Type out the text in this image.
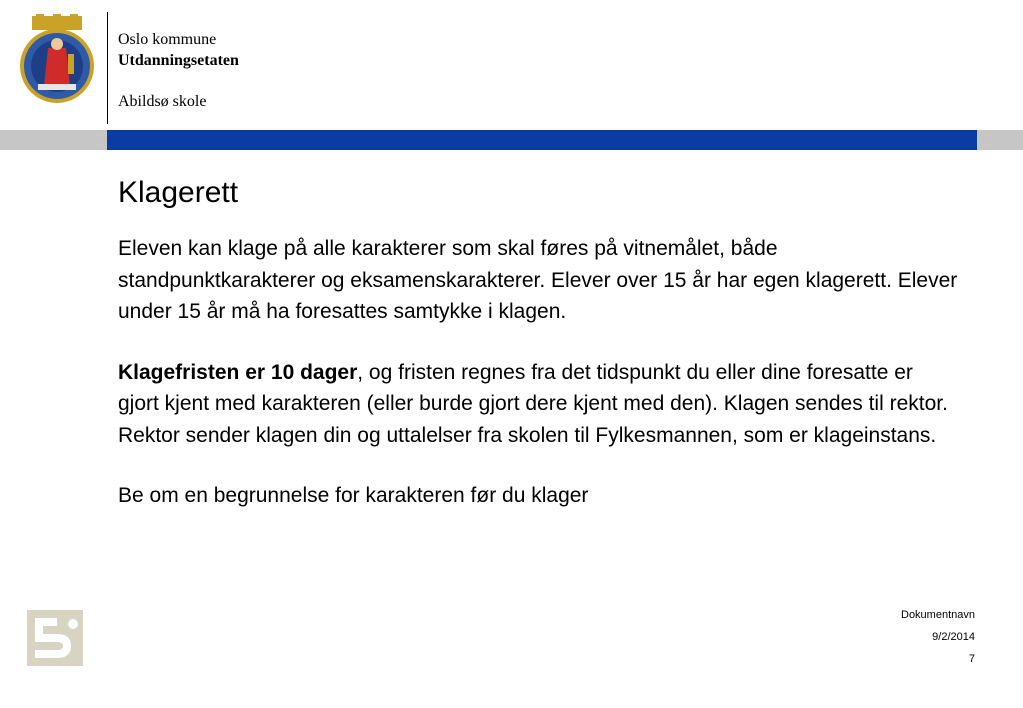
Oslo kommune
Utdanningsetaten
Abildsø skole
Klagerett

Eleven kan klage på alle karakterer som skal føres på vitnemålet, både standpunktkarakterer og eksamenskarakterer. Elever over 15 år har egen klagerett. Elever under 15 år må ha foresattes samtykke i klagen.

Klagefristen er 10 dager, og fristen regnes fra det tidspunkt du eller dine foresatte er gjort kjent med karakteren (eller burde gjort dere kjent med den). Klagen sendes til rektor. Rektor sender klagen din og uttalelser fra skolen til Fylkesmannen, som er klageinstans.

Be om en begrunnelse for karakteren før du klager

Dokumentnavn
9/2/2014
7
